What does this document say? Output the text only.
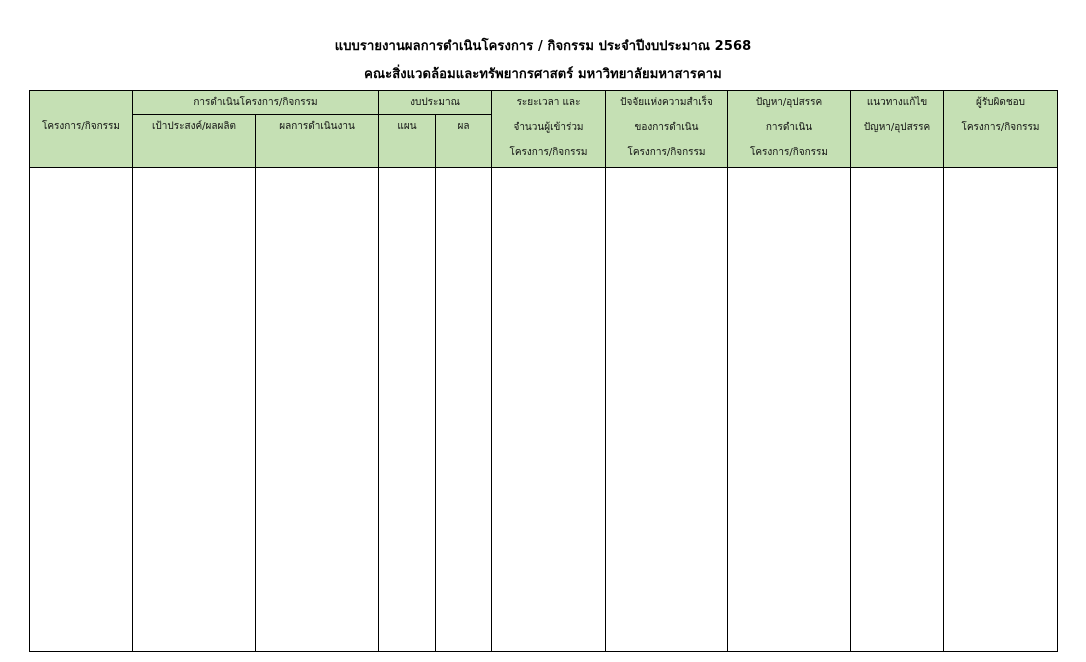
แบบรายงานผลการดำเนินโครงการ / กิจกรรม ประจำปีงบประมาณ 2568
คณะสิ่งแวดล้อมและทรัพยากรศาสตร์ มหาวิทยาลัยมหาสารคาม
โครงการ/กิจกรรม
การดำเนินโครงการ/กิจกรรม
เป้าประสงค์/ผลผลิต	ผลการดำเนินงาน
งบประมาณ
แผน	ผล
ระยะเวลา และ
จำนวนผู้เข้าร่วม
โครงการ/กิจกรรม
ปัจจัยแห่งความสำเร็จ
ของการดำเนิน
โครงการ/กิจกรรม
ปัญหา/อุปสรรค
การดำเนิน
โครงการ/กิจกรรม
แนวทางแก้ไข
ปัญหา/อุปสรรค
ผู้รับผิดชอบ
โครงการ/กิจกรรม
